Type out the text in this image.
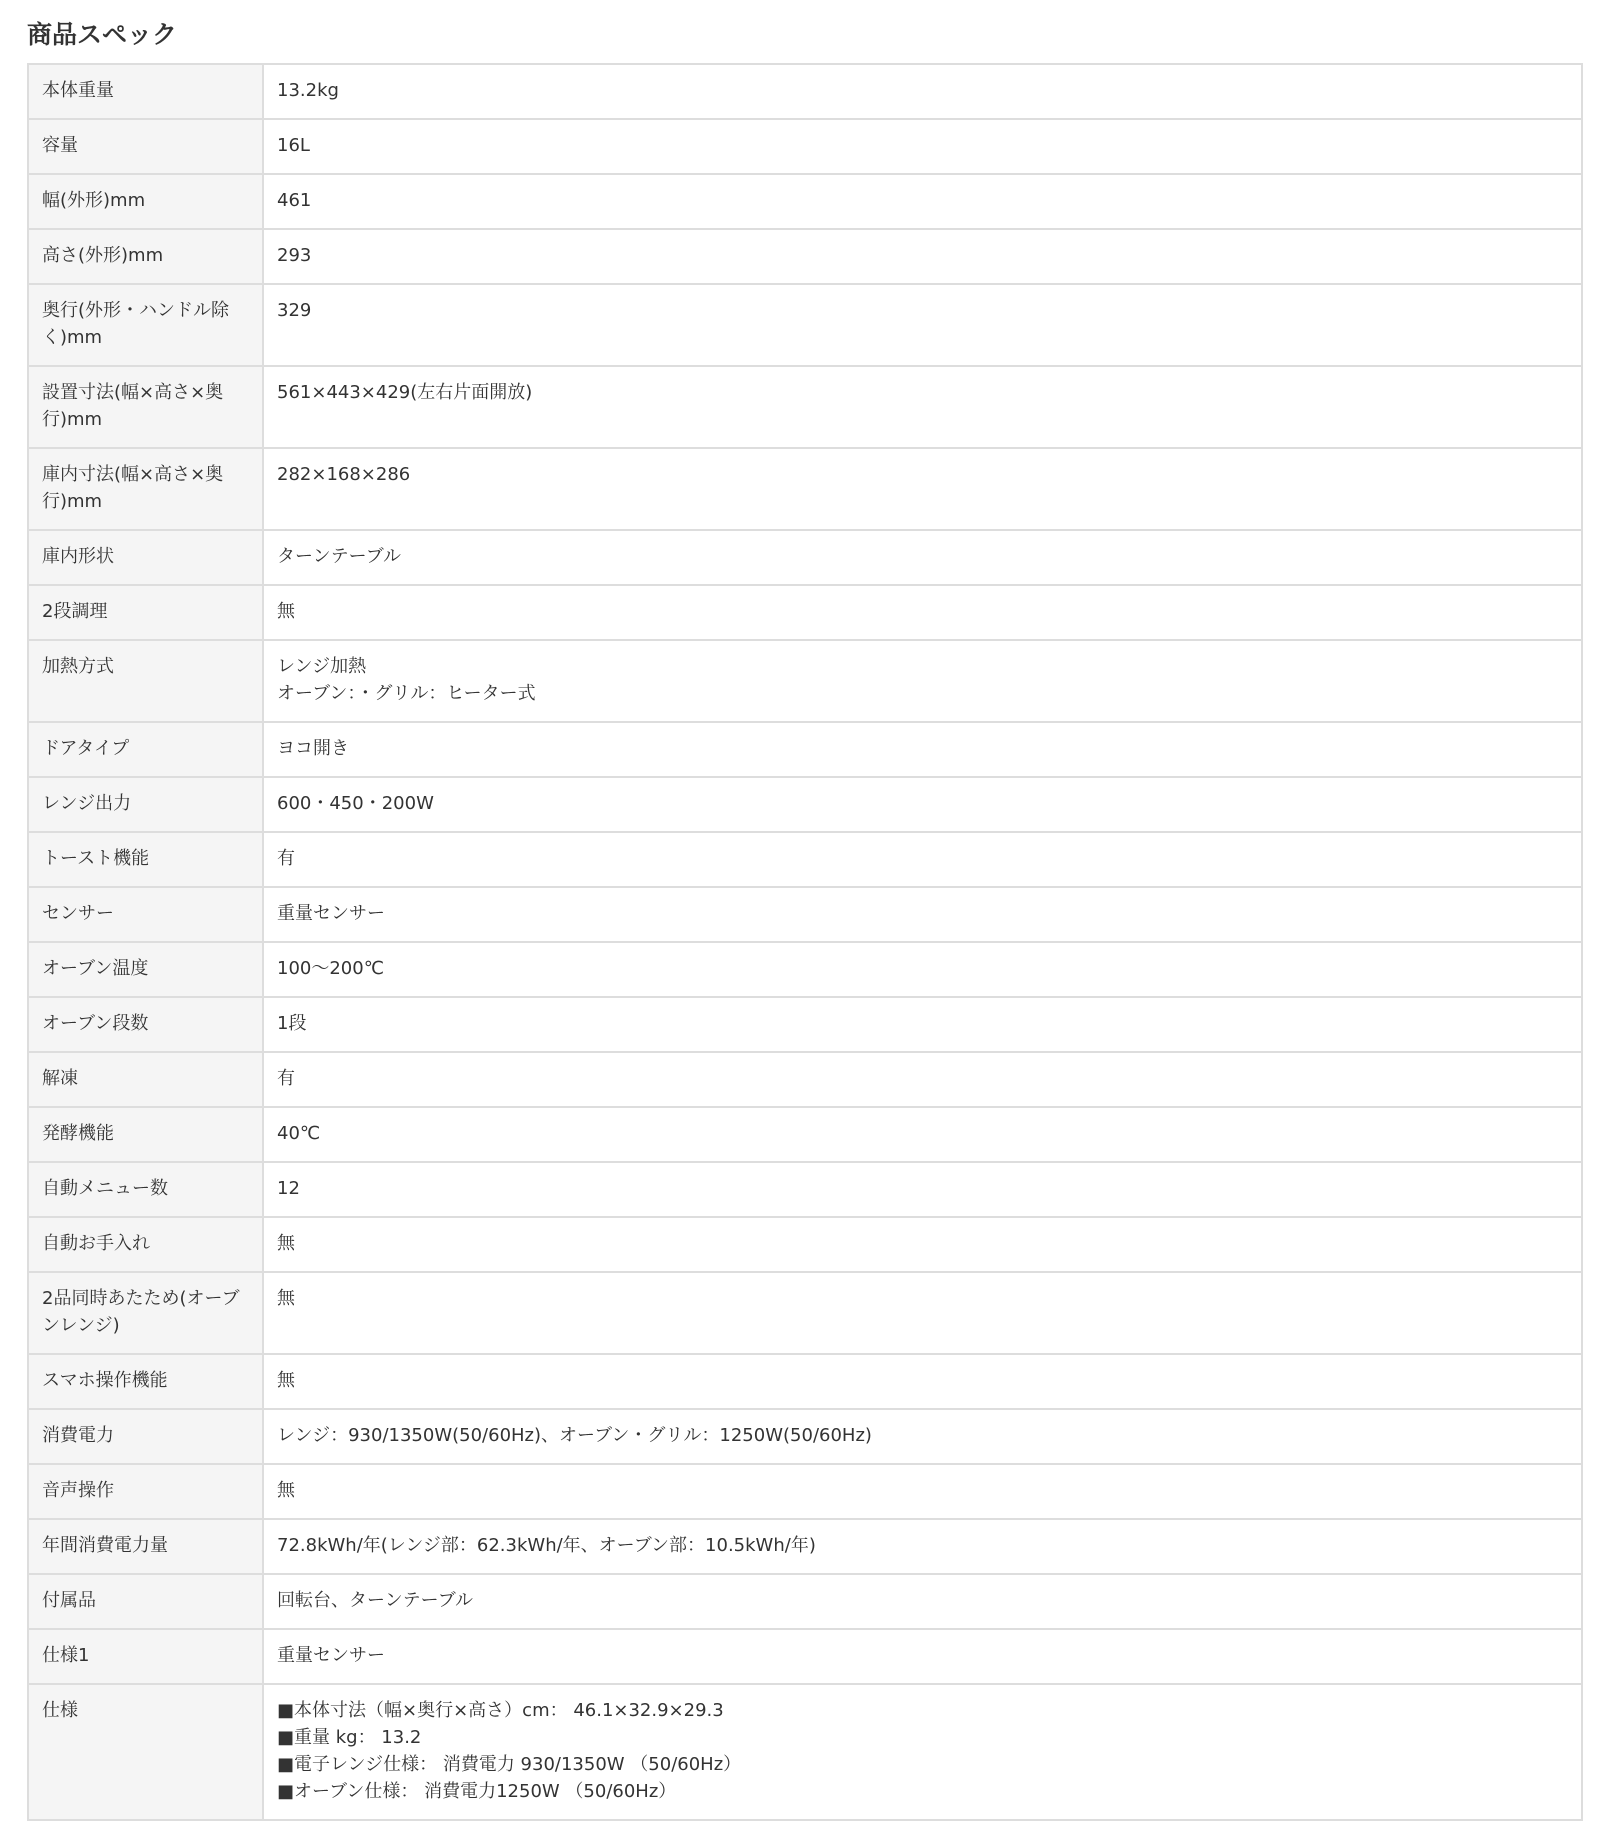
商品スペック
本体重量	13.2kg

容量	16L

幅(外形)mm	461

高さ(外形)mm	293

奥行(外形・ハンドル除く)mm	329

設置寸法(幅×高さ×奥行)mm	561×443×429(左右片面開放)

庫内寸法(幅×高さ×奥行)mm	282×168×286

庫内形状	ターンテーブル

2段調理	無

加熱方式	レンジ加熱
オーブン：・グリル：ヒーター式

ドアタイプ	ヨコ開き

レンジ出力	600・450・200W

トースト機能	有

センサー	重量センサー

オーブン温度	100～200℃

オーブン段数	1段

解凍	有

発酵機能	40℃

自動メニュー数	12

自動お手入れ	無

2品同時あたため(オーブンレンジ)	無

スマホ操作機能	無

消費電力	レンジ：930/1350W(50/60Hz)、オーブン・グリル：1250W(50/60Hz)

音声操作	無

年間消費電力量	72.8kWh/年(レンジ部：62.3kWh/年、オーブン部：10.5kWh/年)

付属品	回転台、ターンテーブル

仕様1	重量センサー

仕様	■本体寸法（幅×奥行×高さ）cm： 46.1×32.9×29.3
■重量 kg： 13.2
■電子レンジ仕様： 消費電力 930/1350W （50/60Hz）
■オーブン仕様： 消費電力1250W （50/60Hz）
